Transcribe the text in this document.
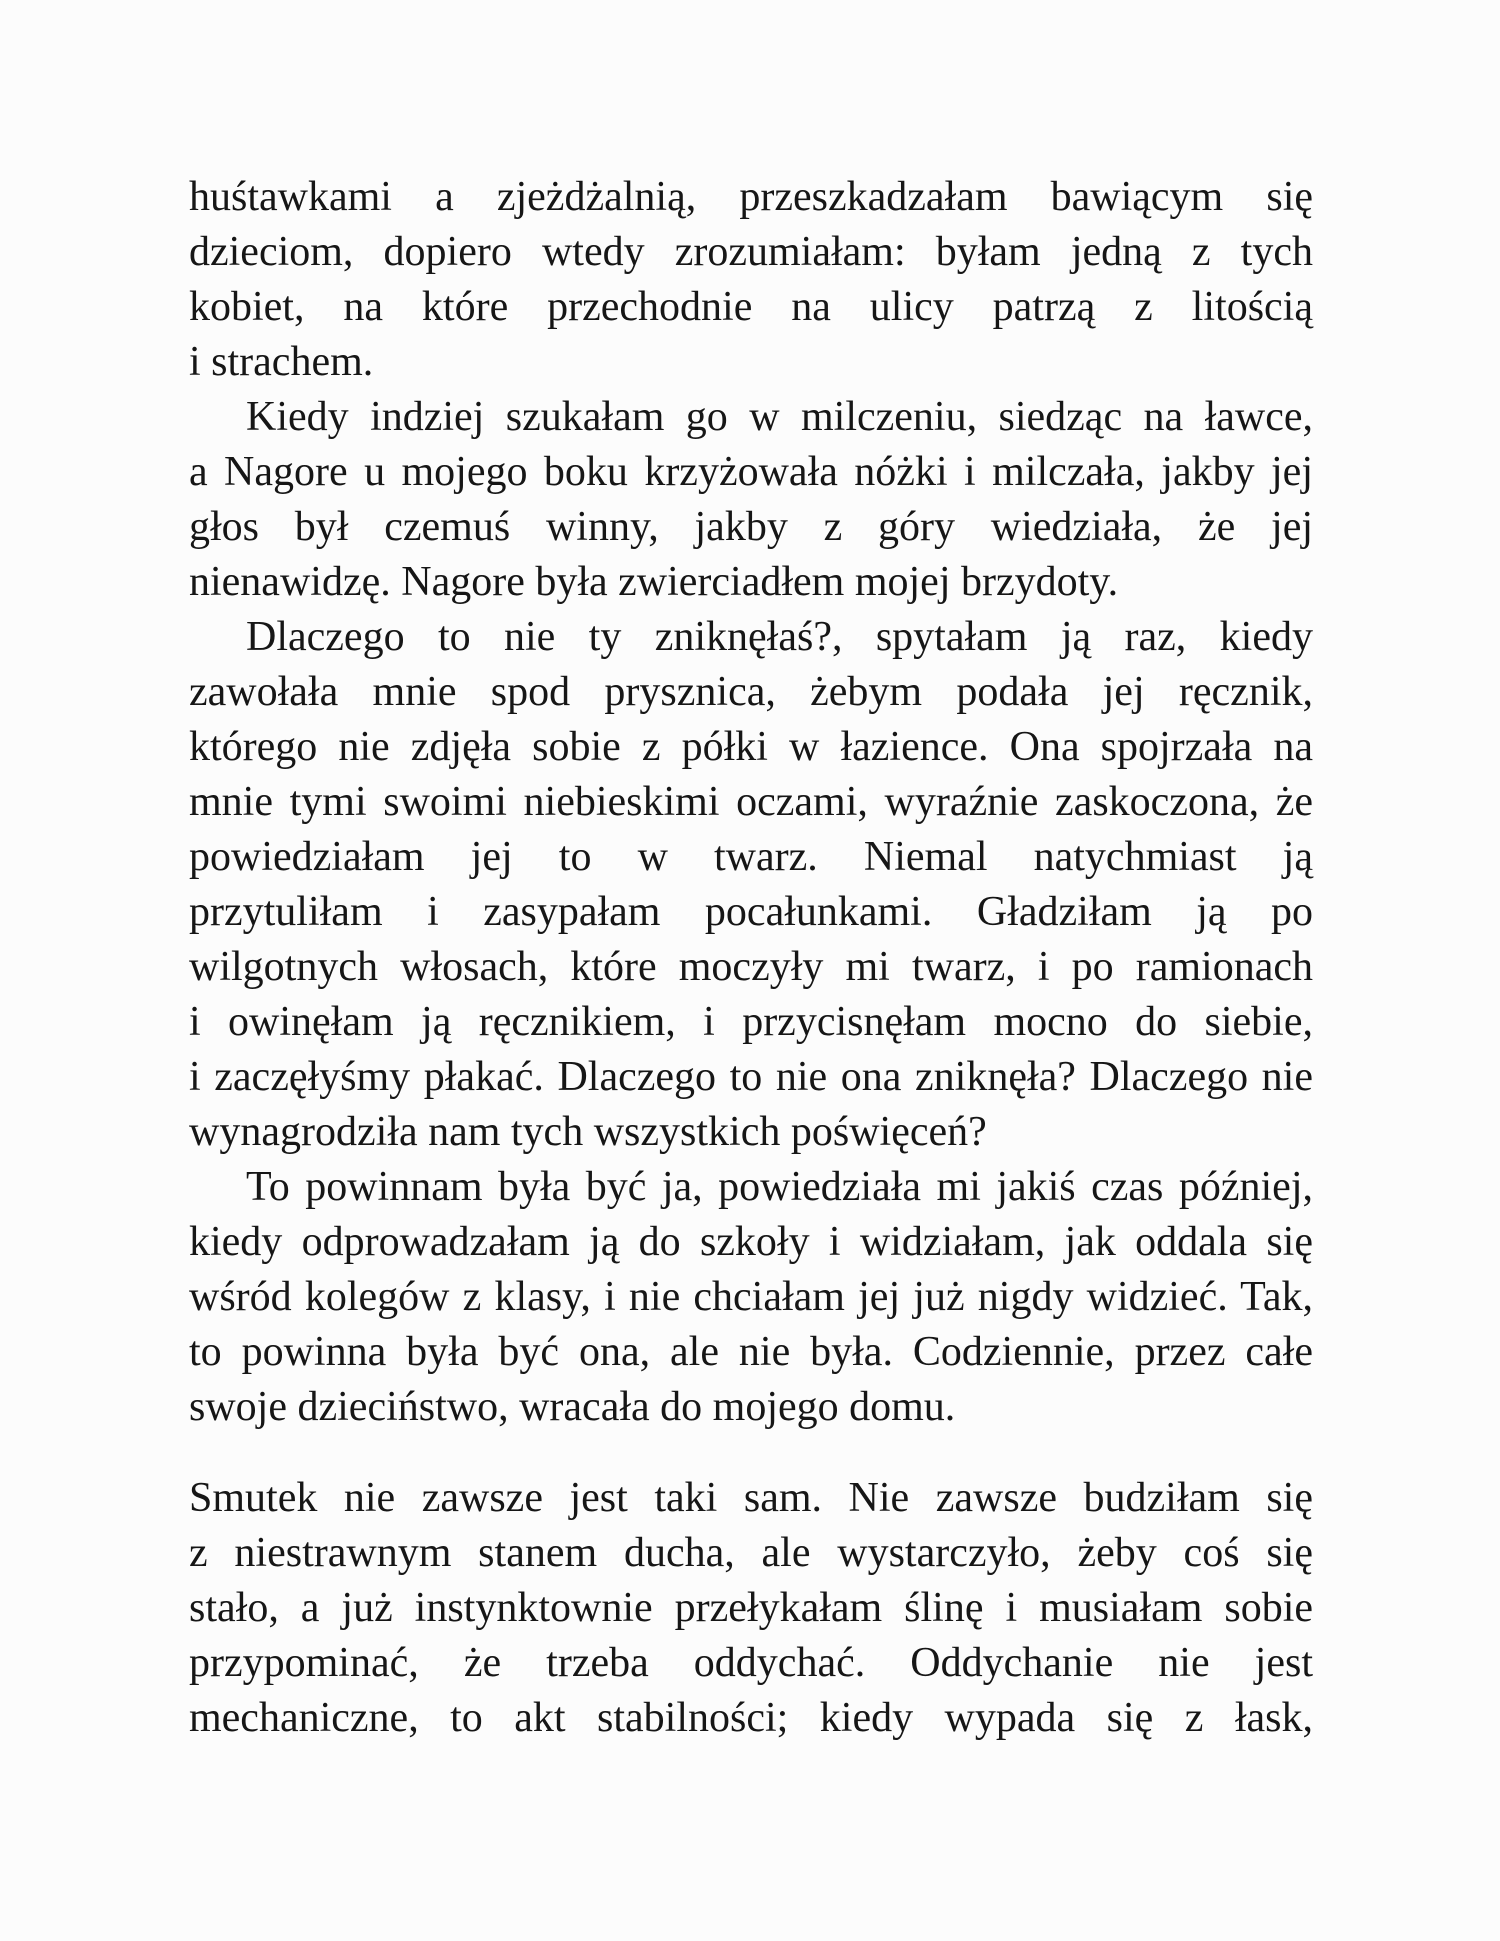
huśtawkami a zjeżdżalnią, przeszkadzałam bawiącym się
dzieciom, dopiero wtedy zrozumiałam: byłam jedną z tych
kobiet, na które przechodnie na ulicy patrzą z litością
i strachem.
Kiedy indziej szukałam go w milczeniu, siedząc na ławce,
a Nagore u mojego boku krzyżowała nóżki i milczała, jakby jej
głos był czemuś winny, jakby z góry wiedziała, że jej
nienawidzę. Nagore była zwierciadłem mojej brzydoty.
Dlaczego to nie ty zniknęłaś?, spytałam ją raz, kiedy
zawołała mnie spod prysznica, żebym podała jej ręcznik,
którego nie zdjęła sobie z półki w łazience. Ona spojrzała na
mnie tymi swoimi niebieskimi oczami, wyraźnie zaskoczona, że
powiedziałam jej to w twarz. Niemal natychmiast ją
przytuliłam i zasypałam pocałunkami. Gładziłam ją po
wilgotnych włosach, które moczyły mi twarz, i po ramionach
i owinęłam ją ręcznikiem, i przycisnęłam mocno do siebie,
i zaczęłyśmy płakać. Dlaczego to nie ona zniknęła? Dlaczego nie
wynagrodziła nam tych wszystkich poświęceń?
To powinnam była być ja, powiedziała mi jakiś czas później,
kiedy odprowadzałam ją do szkoły i widziałam, jak oddala się
wśród kolegów z klasy, i nie chciałam jej już nigdy widzieć. Tak,
to powinna była być ona, ale nie była. Codziennie, przez całe
swoje dzieciństwo, wracała do mojego domu.
Smutek nie zawsze jest taki sam. Nie zawsze budziłam się
z niestrawnym stanem ducha, ale wystarczyło, żeby coś się
stało, a już instynktownie przełykałam ślinę i musiałam sobie
przypominać, że trzeba oddychać. Oddychanie nie jest
mechaniczne, to akt stabilności; kiedy wypada się z łask,
